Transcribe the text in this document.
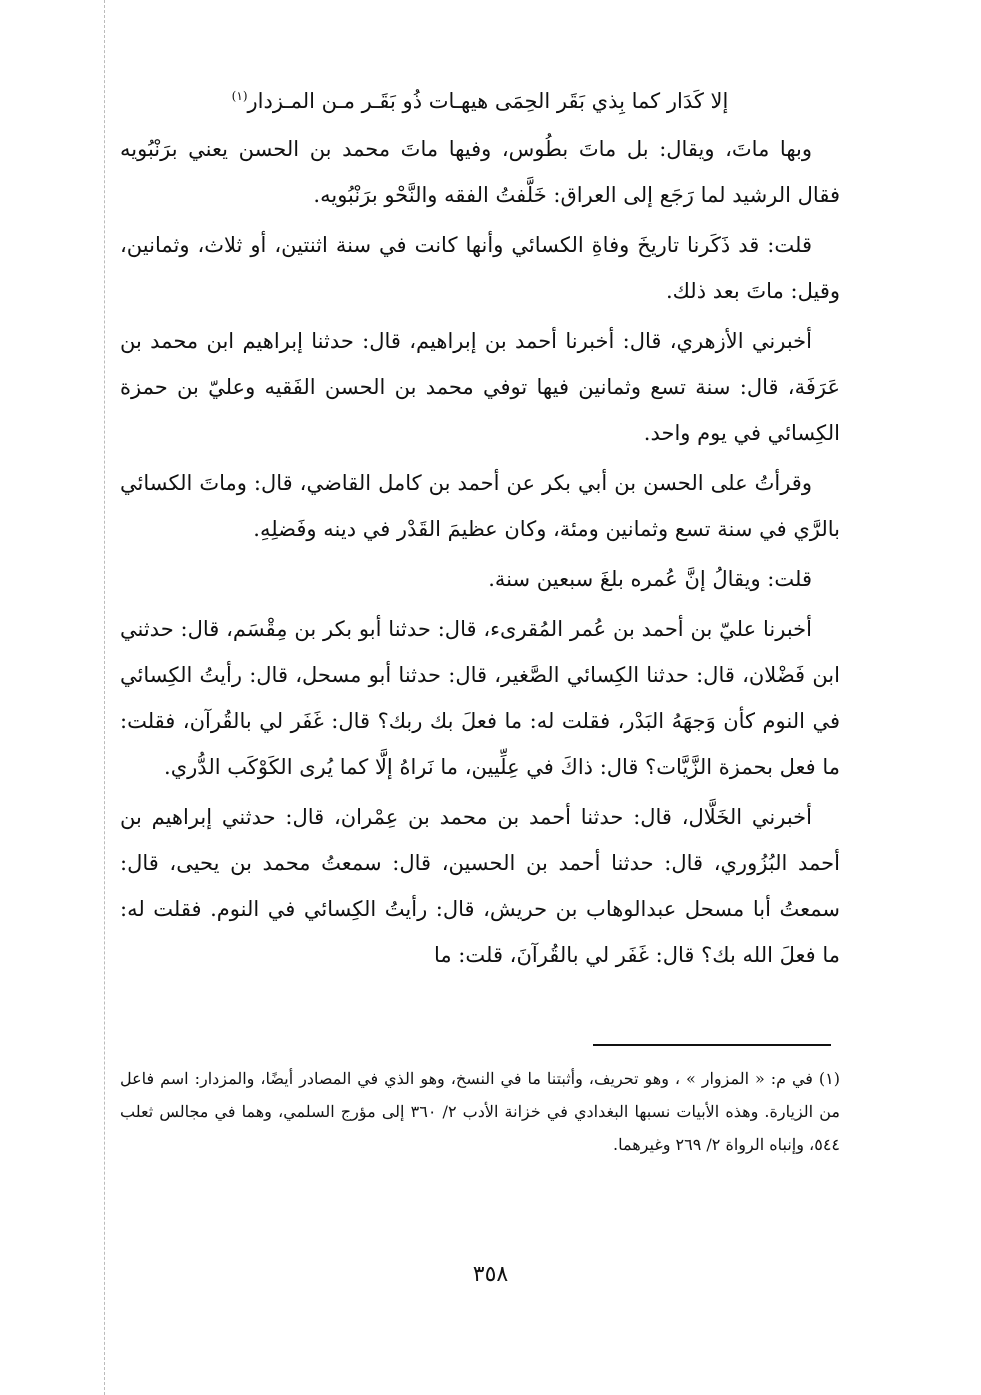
إلا كَدَار كما بِذي بَقَر الحِمَى هيهـات ذُو بَقَـر مـن المـزدار$^{(١)}$

وبها ماتَ، ويقال: بل ماتَ بطُوس، وفيها ماتَ محمد بن الحسن يعني برَنْبُويه فقال الرشيد لما رَجَع إلى العراق: خَلَّفتُ الفقه والنَّحْو برَنْبُويه.

قلت: قد ذَكَرنا تاريخَ وفاةِ الكسائي وأنها كانت في سنة اثنتين، أو ثلاث، وثمانين، وقيل: ماتَ بعد ذلك.

أخبرني الأزهري، قال: أخبرنا أحمد بن إبراهيم، قال: حدثنا إبراهيم ابن محمد بن عَرَفَة، قال: سنة تسع وثمانين فيها توفي محمد بن الحسن الفَقيه وعليّ بن حمزة الكِسائي في يوم واحد.

وقرأتُ على الحسن بن أبي بكر عن أحمد بن كامل القاضي، قال: وماتَ الكسائي بالرَّي في سنة تسع وثمانين ومئة، وكان عظيمَ القَدْر في دينه وفَضلِهِ.

قلت: ويقالُ إنَّ عُمره بلغَ سبعين سنة.

أخبرنا عليّ بن أحمد بن عُمر المُقرىء، قال: حدثنا أبو بكر بن مِقْسَم، قال: حدثني ابن فَضْلان، قال: حدثنا الكِسائي الصَّغير، قال: حدثنا أبو مسحل، قال: رأيتُ الكِسائي في النوم كأن وَجهَهُ البَدْر، فقلت له: ما فعلَ بك ربك؟ قال: غَفَر لي بالقُرآن، فقلت: ما فعل بحمزة الزَّيَّات؟ قال: ذاكَ في عِلِّيين، ما نَراهُ إلَّا كما يُرى الكَوْكَب الدُّري.

أخبرني الخَلَّال، قال: حدثنا أحمد بن محمد بن عِمْران، قال: حدثني إبراهيم بن أحمد البُزُوري، قال: حدثنا أحمد بن الحسين، قال: سمعتُ محمد بن يحيى، قال: سمعتُ أبا مسحل عبدالوهاب بن حريش، قال: رأيتُ الكِسائي في النوم. فقلت له: ما فعلَ الله بك؟ قال: غَفَر لي بالقُرآنَ، قلت: ما

(١) في م: « المزوار » ، وهو تحريف، وأثبتنا ما في النسخ، وهو الذي في المصادر أيضًا، والمزدار: اسم فاعل من الزيارة. وهذه الأبيات نسبها البغدادي في خزانة الأدب ٢/ ٣٦٠ إلى مؤرج السلمي، وهما في مجالس ثعلب ٥٤٤، وإنباه الرواة ٢/ ٢٦٩ وغيرهما.

٣٥٨
